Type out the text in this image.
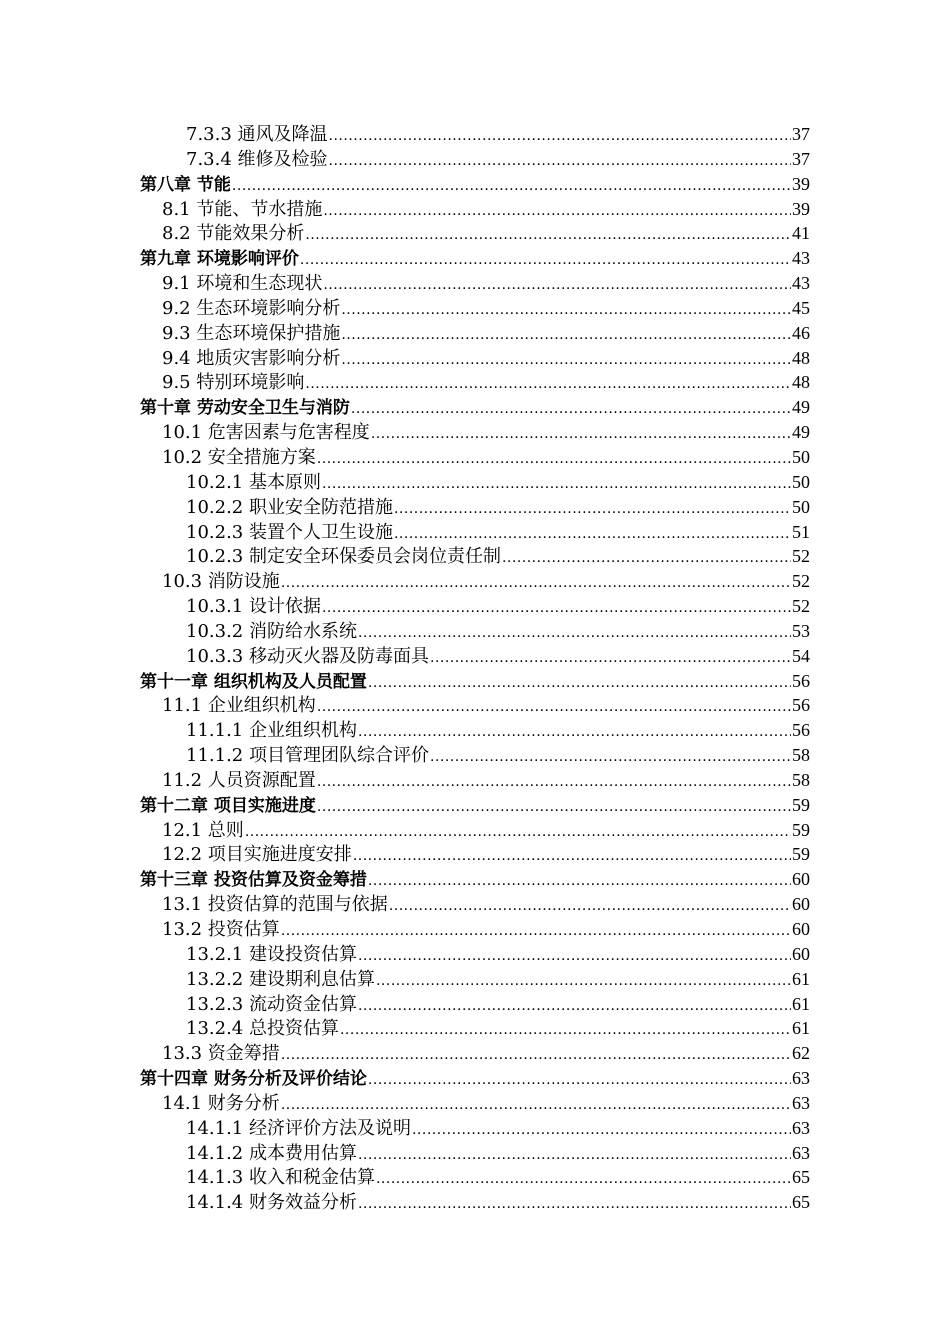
7.3.3 通风及降温 .....	37
7.3.4 维修及检验 .....	37
第八章 节能 .....	39
8.1 节能、节水措施 .....	39
8.2 节能效果分析 .....	41
第九章 环境影响评价 .....	43
9.1 环境和生态现状 .....	43
9.2 生态环境影响分析 .....	45
9.3 生态环境保护措施 .....	46
9.4 地质灾害影响分析 .....	48
9.5 特别环境影响 .....	48
第十章 劳动安全卫生与消防 .....	49
10.1 危害因素与危害程度 .....	49
10.2 安全措施方案 .....	50
10.2.1 基本原则 .....	50
10.2.2 职业安全防范措施 .....	50
10.2.3 装置个人卫生设施 .....	51
10.2.3 制定安全环保委员会岗位责任制 .....	52
10.3 消防设施 .....	52
10.3.1 设计依据 .....	52
10.3.2 消防给水系统 .....	53
10.3.3 移动灭火器及防毒面具 .....	54
第十一章 组织机构及人员配置 .....	56
11.1 企业组织机构 .....	56
11.1.1 企业组织机构 .....	56
11.1.2 项目管理团队综合评价 .....	58
11.2 人员资源配置 .....	58
第十二章 项目实施进度 .....	59
12.1 总则 .....	59
12.2 项目实施进度安排 .....	59
第十三章 投资估算及资金筹措 .....	60
13.1 投资估算的范围与依据 .....	60
13.2 投资估算 .....	60
13.2.1 建设投资估算 .....	60
13.2.2 建设期利息估算 .....	61
13.2.3 流动资金估算 .....	61
13.2.4 总投资估算 .....	61
13.3 资金筹措 .....	62
第十四章 财务分析及评价结论 .....	63
14.1 财务分析 .....	63
14.1.1 经济评价方法及说明 .....	63
14.1.2 成本费用估算 .....	63
14.1.3 收入和税金估算 .....	65
14.1.4 财务效益分析 .....	65
